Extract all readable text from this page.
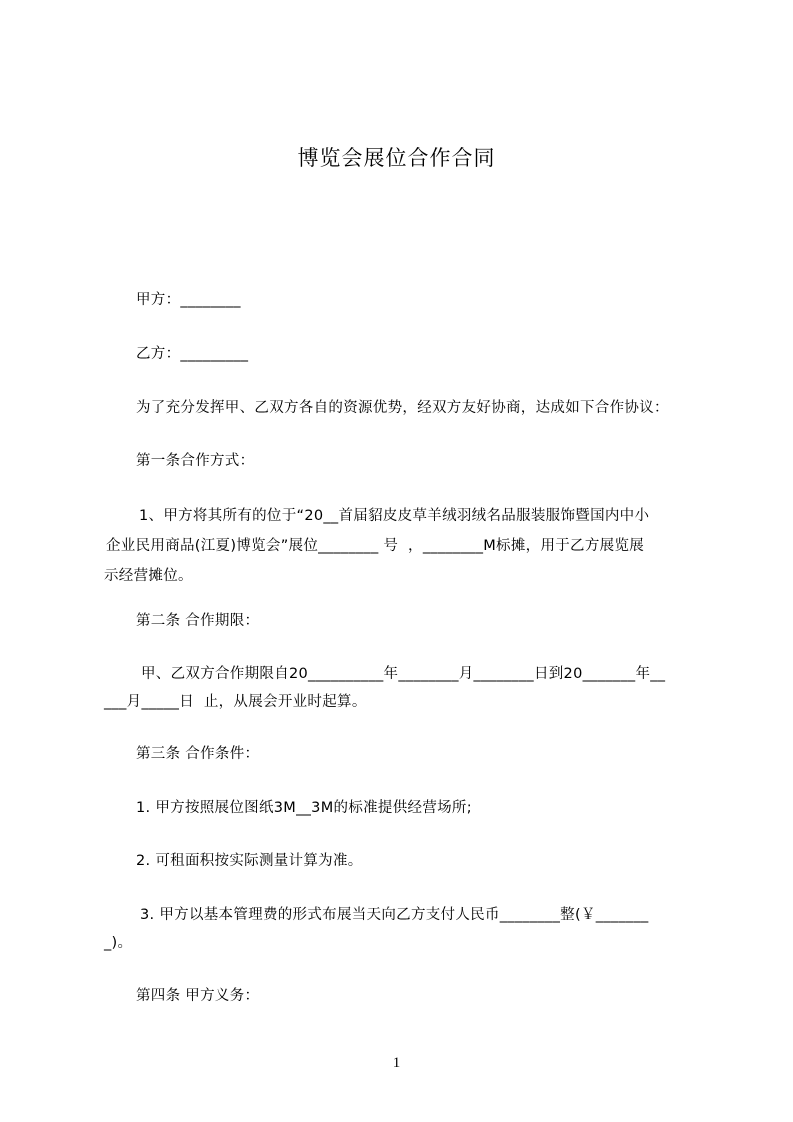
博览会展位合作合同
甲方：________
乙方：_________
为了充分发挥甲、乙双方各自的资源优势，经双方友好协商，达成如下合作协议：
第一条合作方式：
1、甲方将其所有的位于“20__首届貂皮皮草羊绒羽绒名品服装服饰暨国内中小
企业民用商品(江夏)博览会”展位________ 号  ，________M标摊，用于乙方展览展
示经营摊位。
第二条 合作期限：
甲、乙双方合作期限自20__________年________月________日到20_______年__
___月_____日  止，从展会开业时起算。
第三条 合作条件：
1. 甲方按照展位图纸3M__3M的标准提供经营场所;
2. 可租面积按实际测量计算为准。
3. 甲方以基本管理费的形式布展当天向乙方支付人民币________整(￥_______
_)。
第四条 甲方义务：
1
